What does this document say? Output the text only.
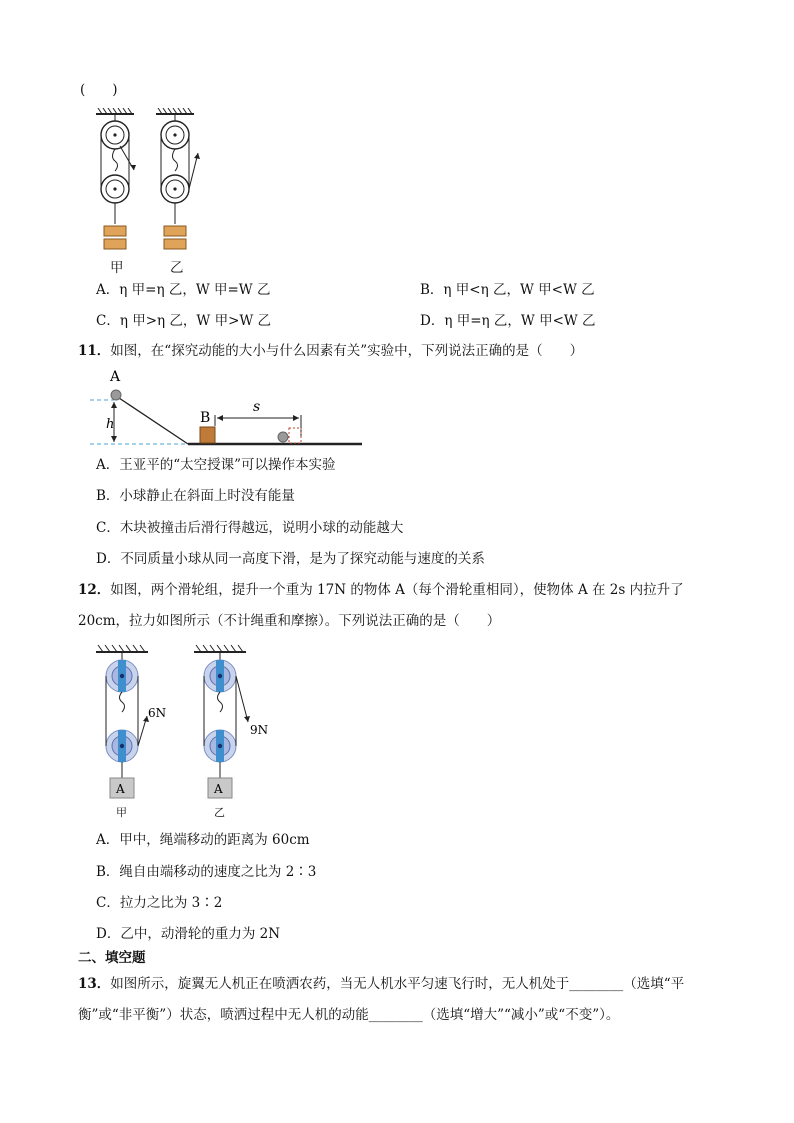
(　　)
甲	乙
A．η 甲=η 乙，W 甲=W 乙	B．η 甲<η 乙，W 甲<W 乙
C．η 甲>η 乙，W 甲>W 乙	D．η 甲=η 乙，W 甲<W 乙
11．如图，在“探究动能的大小与什么因素有关”实验中，下列说法正确的是（　　）
A
h	B
s
A．王亚平的“太空授课”可以操作本实验
B．小球静止在斜面上时没有能量
C．木块被撞击后滑行得越远，说明小球的动能越大
D．不同质量小球从同一高度下滑，是为了探究动能与速度的关系
12．如图，两个滑轮组，提升一个重为 17N 的物体 A（每个滑轮重相同），使物体 A 在 2s 内拉升了
20cm，拉力如图所示（不计绳重和摩擦）。下列说法正确的是（　　）
6N
A
9N
A
甲	乙
A．甲中，绳端移动的距离为 60cm
B．绳自由端移动的速度之比为 2∶3
C．拉力之比为 3∶2
D．乙中，动滑轮的重力为 2N
二、填空题
13．如图所示，旋翼无人机正在喷洒农药，当无人机水平匀速飞行时，无人机处于________（选填“平
衡”或“非平衡”）状态，喷洒过程中无人机的动能________（选填“增大”“减小”或“不变”）。
